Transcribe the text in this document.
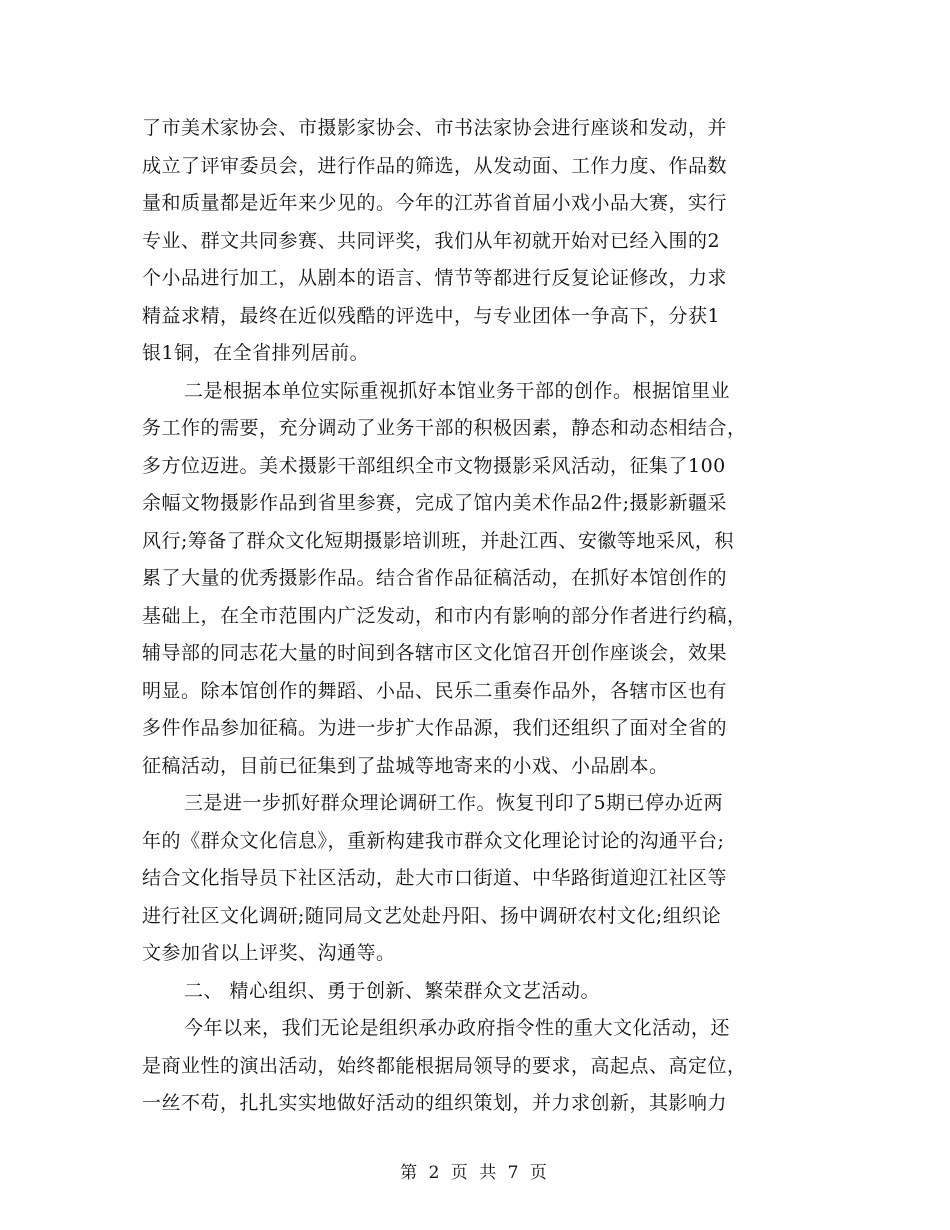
了市美术家协会、市摄影家协会、市书法家协会进行座谈和发动，并
成立了评审委员会，进行作品的筛选，从发动面、工作力度、作品数
量和质量都是近年来少见的。今年的江苏省首届小戏小品大赛，实行
专业、群文共同参赛、共同评奖，我们从年初就开始对已经入围的2
个小品进行加工，从剧本的语言、情节等都进行反复论证修改，力求
精益求精，最终在近似残酷的评选中，与专业团体一争高下，分获1
银1铜，在全省排列居前。
二是根据本单位实际重视抓好本馆业务干部的创作。根据馆里业
务工作的需要，充分调动了业务干部的积极因素，静态和动态相结合，
多方位迈进。美术摄影干部组织全市文物摄影采风活动，征集了100
余幅文物摄影作品到省里参赛，完成了馆内美术作品2件;摄影新疆采
风行;筹备了群众文化短期摄影培训班，并赴江西、安徽等地采风，积
累了大量的优秀摄影作品。结合省作品征稿活动，在抓好本馆创作的
基础上，在全市范围内广泛发动，和市内有影响的部分作者进行约稿，
辅导部的同志花大量的时间到各辖市区文化馆召开创作座谈会，效果
明显。除本馆创作的舞蹈、小品、民乐二重奏作品外，各辖市区也有
多件作品参加征稿。为进一步扩大作品源，我们还组织了面对全省的
征稿活动，目前已征集到了盐城等地寄来的小戏、小品剧本。
三是进一步抓好群众理论调研工作。恢复刊印了5期已停办近两
年的《群众文化信息》，重新构建我市群众文化理论讨论的沟通平台;
结合文化指导员下社区活动，赴大市口街道、中华路街道迎江社区等
进行社区文化调研;随同局文艺处赴丹阳、扬中调研农村文化;组织论
文参加省以上评奖、沟通等。
二、 精心组织、勇于创新、繁荣群众文艺活动。
今年以来，我们无论是组织承办政府指令性的重大文化活动，还
是商业性的演出活动，始终都能根据局领导的要求，高起点、高定位，
一丝不苟，扎扎实实地做好活动的组织策划，并力求创新，其影响力
第 2 页 共 7 页
